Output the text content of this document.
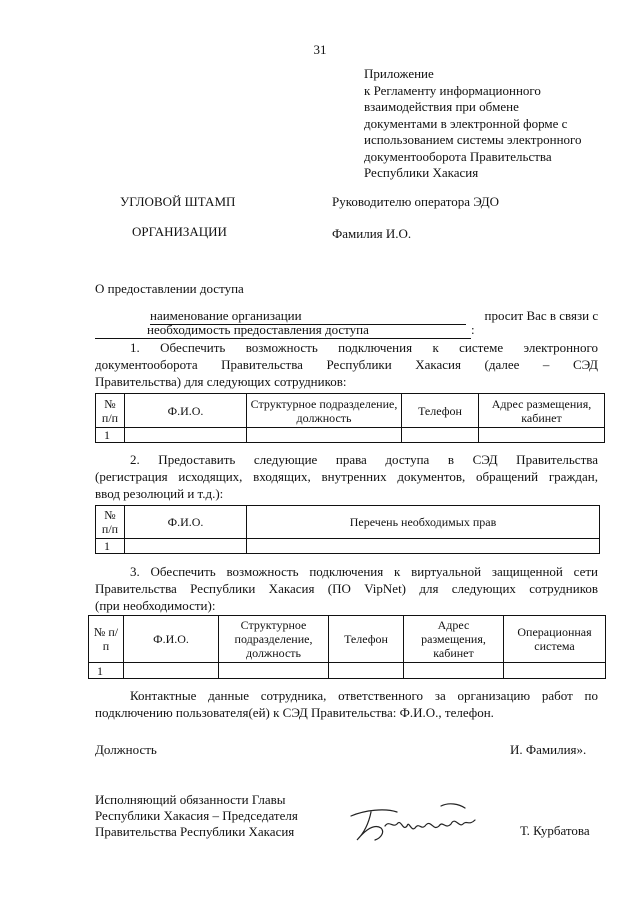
31
Приложение
к Регламенту информационного
взаимодействия при обмене
документами в электронной форме с
использованием системы электронного
документооборота Правительства
Республики Хакасия
УГЛОВОЙ ШТАМП
ОРГАНИЗАЦИИ
Руководителю оператора ЭДО
Фамилия И.О.
О предоставлении доступа
наименование организации	просит Вас в связи с
необходимость предоставления доступа	:
1. Обеспечить возможность подключения к системе электронного
документооборота Правительства Республики Хакасия (далее – СЭД
Правительства) для следующих сотрудников:
№ п/п	Ф.И.О.	Структурное подразделение, должность	Телефон	Адрес размещения, кабинет
1				
2. Предоставить следующие права доступа в СЭД Правительства
(регистрация исходящих, входящих, внутренних документов, обращений граждан,
ввод резолюций и т.д.):
№ п/п	Ф.И.О.	Перечень необходимых прав
1		
3. Обеспечить возможность подключения к виртуальной защищенной сети
Правительства Республики Хакасия (ПО VipNet) для следующих сотрудников
(при необходимости):
№ п/п	Ф.И.О.	Структурное подразделение, должность	Телефон	Адрес размещения, кабинет	Операционная система
1					
Контактные данные сотрудника, ответственного за организацию работ по
подключению пользователя(ей) к СЭД Правительства: Ф.И.О., телефон.
Должность	И. Фамилия».
Исполняющий обязанности Главы
Республики Хакасия – Председателя
Правительства Республики Хакасия	Т. Курбатова
